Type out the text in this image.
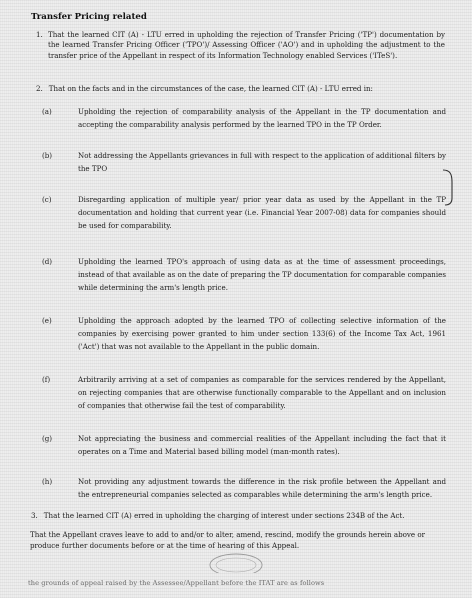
Transfer Pricing related
1. That the learned CIT (A) - LTU erred in upholding the rejection of Transfer Pricing ('TP') documentation by the learned Transfer Pricing Officer ('TPO')/ Assessing Officer ('AO') and in upholding the adjustment to the transfer price of the Appellant in respect of its Information Technology enabled Services ('ITeS').
2. That on the facts and in the circumstances of the case, the learned CIT (A) - LTU erred in:
(a)	Upholding the rejection of comparability analysis of the Appellant in the TP documentation and accepting the comparability analysis performed by the learned TPO in the TP Order.
(b)	Not addressing the Appellants grievances in full with respect to the application of additional filters by the TPO
(c)	Disregarding application of multiple year/ prior year data as used by the Appellant in the TP documentation and holding that current year (i.e. Financial Year 2007-08) data for companies should be used for comparability.
(d)	Upholding the learned TPO's approach of using data as at the time of assessment proceedings, instead of that available as on the date of preparing the TP documentation for comparable companies while determining the arm's length price.
(e)	Upholding the approach adopted by the learned TPO of collecting selective information of the companies by exercising power granted to him under section 133(6) of the Income Tax Act, 1961 ('Act') that was not available to the Appellant in the public domain.
(f)	Arbitrarily arriving at a set of companies as comparable for the services rendered by the Appellant, on rejecting companies that are otherwise functionally comparable to the Appellant and on inclusion of companies that otherwise fail the test of comparability.
(g)	Not appreciating the business and commercial realities of the Appellant including the fact that it operates on a Time and Material based billing model (man-month rates).
(h)	Not providing any adjustment towards the difference in the risk profile between the Appellant and the entrepreneurial companies selected as comparables while determining the arm's length price.
3. That the learned CIT (A) erred in upholding the charging of interest under sections 234B of the Act.
That the Appellant craves leave to add to and/or to alter, amend, rescind, modify the grounds herein above or produce further documents before or at the time of hearing of this Appeal.
the grounds of appeal raised by the Assessee/Appellant before the ITAT are as follows
